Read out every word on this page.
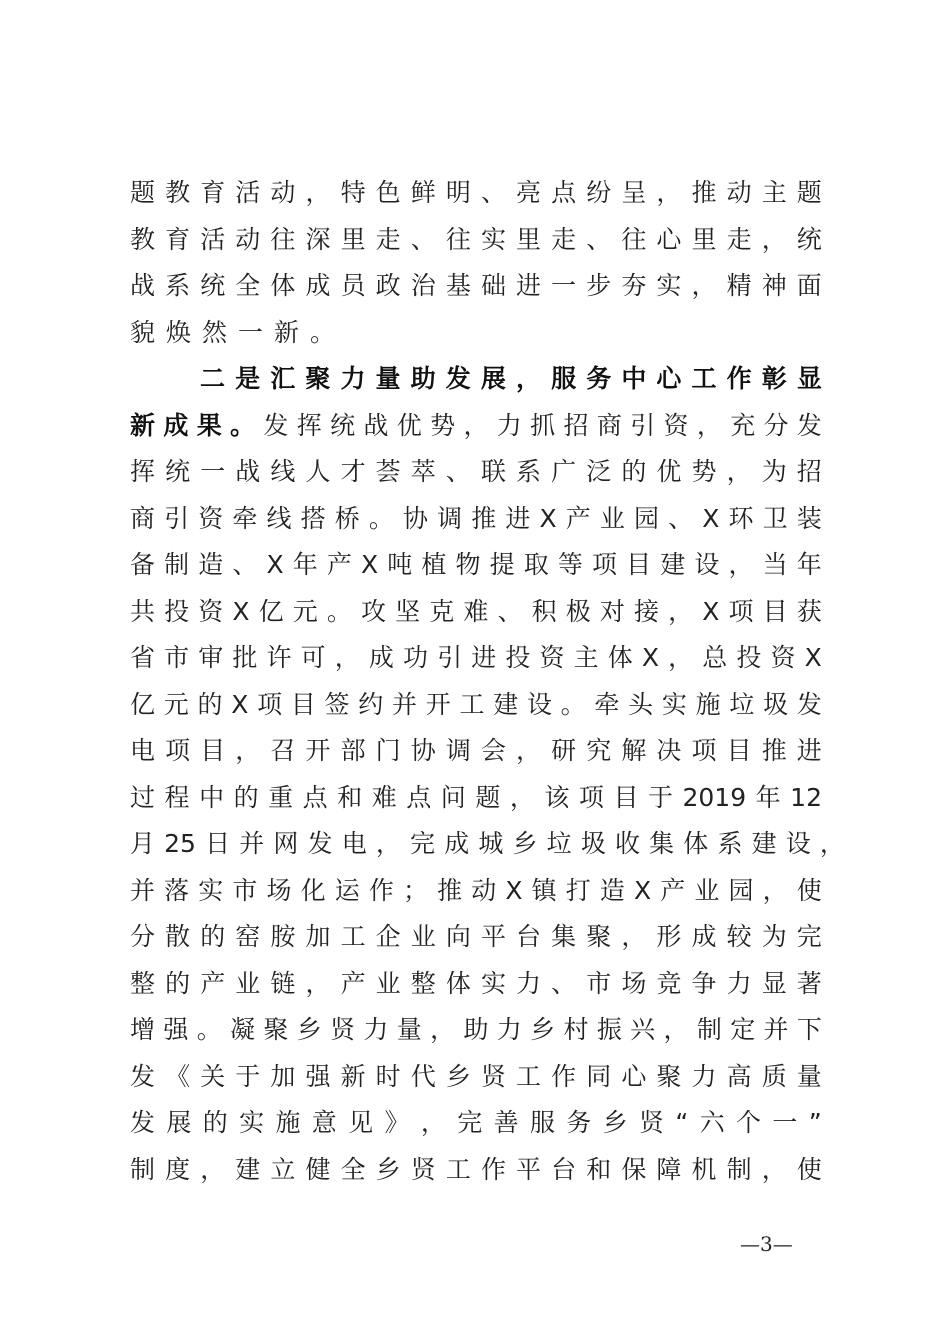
题 教 育 活 动 ， 特 色 鲜 明 、 亮 点 纷 呈 ， 推 动 主 题
教 育 活 动 往 深 里 走 、 往 实 里 走 、 往 心 里 走 ， 统
战 系 统 全 体 成 员 政 治 基 础 进 一 步 夯 实 ， 精 神 面
貌焕然一新。
二 是 汇 聚 力 量 助 发 展 ， 服 务 中 心 工 作 彰 显
新 成 果 。 发 挥 统 战 优 势 ， 力 抓 招 商 引 资 ， 充 分 发
挥 统 一 战 线 人 才 荟 萃 、 联 系 广 泛 的 优 势 ， 为 招
商 引 资 牵 线 搭 桥 。 协 调 推 进 X 产 业 园 、 X 环 卫 装
备 制 造 、 X 年 产 X 吨 植 物 提 取 等 项 目 建 设 ， 当 年
共 投 资 X 亿 元 。 攻 坚 克 难 、 积 极 对 接 ， X 项 目 获
省 市 审 批 许 可 ， 成 功 引 进 投 资 主 体 X ， 总 投 资 X
亿 元 的 X 项 目 签 约 并 开 工 建 设 。 牵 头 实 施 垃 圾 发
电 项 目 ， 召 开 部 门 协 调 会 ， 研 究 解 决 项 目 推 进
过 程 中 的 重 点 和 难 点 问 题 ， 该 项 目 于 2019 年 12
月 25 日 并 网 发 电 ， 完 成 城 乡 垃 圾 收 集 体 系 建 设 ，
并 落 实 市 场 化 运 作 ； 推 动 X 镇 打 造 X 产 业 园 ， 使
分 散 的 窑 胺 加 工 企 业 向 平 台 集 聚 ， 形 成 较 为 完
整 的 产 业 链 ， 产 业 整 体 实 力 、 市 场 竞 争 力 显 著
增 强 。 凝 聚 乡 贤 力 量 ， 助 力 乡 村 振 兴 ， 制 定 并 下
发 《 关 于 加 强 新 时 代 乡 贤 工 作 同 心 聚 力 高 质 量
发 展 的 实 施 意 见 》 ， 完 善 服 务 乡 贤 “ 六 个 一 ”
制 度 ， 建 立 健 全 乡 贤 工 作 平 台 和 保 障 机 制 ， 使
—3—
